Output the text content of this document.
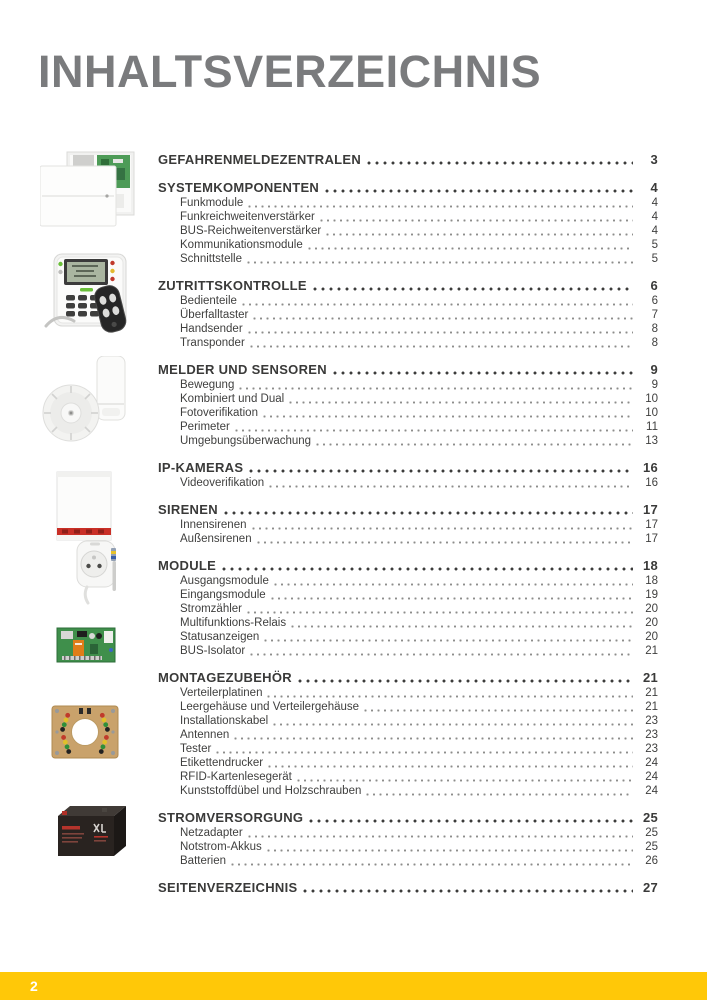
INHALTSVERZEICHNIS
GEFAHRENMELDEZENTRALEN	3
SYSTEMKOMPONENTEN	4
Funkmodule	4
Funkreichweitenverstärker	4
BUS-Reichweitenverstärker	4
Kommunikationsmodule	5
Schnittstelle	5
ZUTRITTSKONTROLLE	6
Bedienteile	6
Überfalltaster	7
Handsender	8
Transponder	8
MELDER UND SENSOREN	9
Bewegung	9
Kombiniert und Dual	10
Fotoverifikation	10
Perimeter	11
Umgebungsüberwachung	13
IP-KAMERAS	16
Videoverifikation	16
SIRENEN	17
Innensirenen	17
Außensirenen	17
MODULE	18
Ausgangsmodule	18
Eingangsmodule	19
Stromzähler	20
Multifunktions-Relais	20
Statusanzeigen	20
BUS-Isolator	21
MONTAGEZUBEHÖR	21
Verteilerplatinen	21
Leergehäuse und Verteilergehäuse	21
Installationskabel	23
Antennen	23
Tester	23
Etikettendrucker	24
RFID-Kartenlesegerät	24
Kunststoffdübel und Holzschrauben	24
STROMVERSORGUNG	25
Netzadapter	25
Notstrom-Akkus	25
Batterien	26
SEITENVERZEICHNIS	27
2
